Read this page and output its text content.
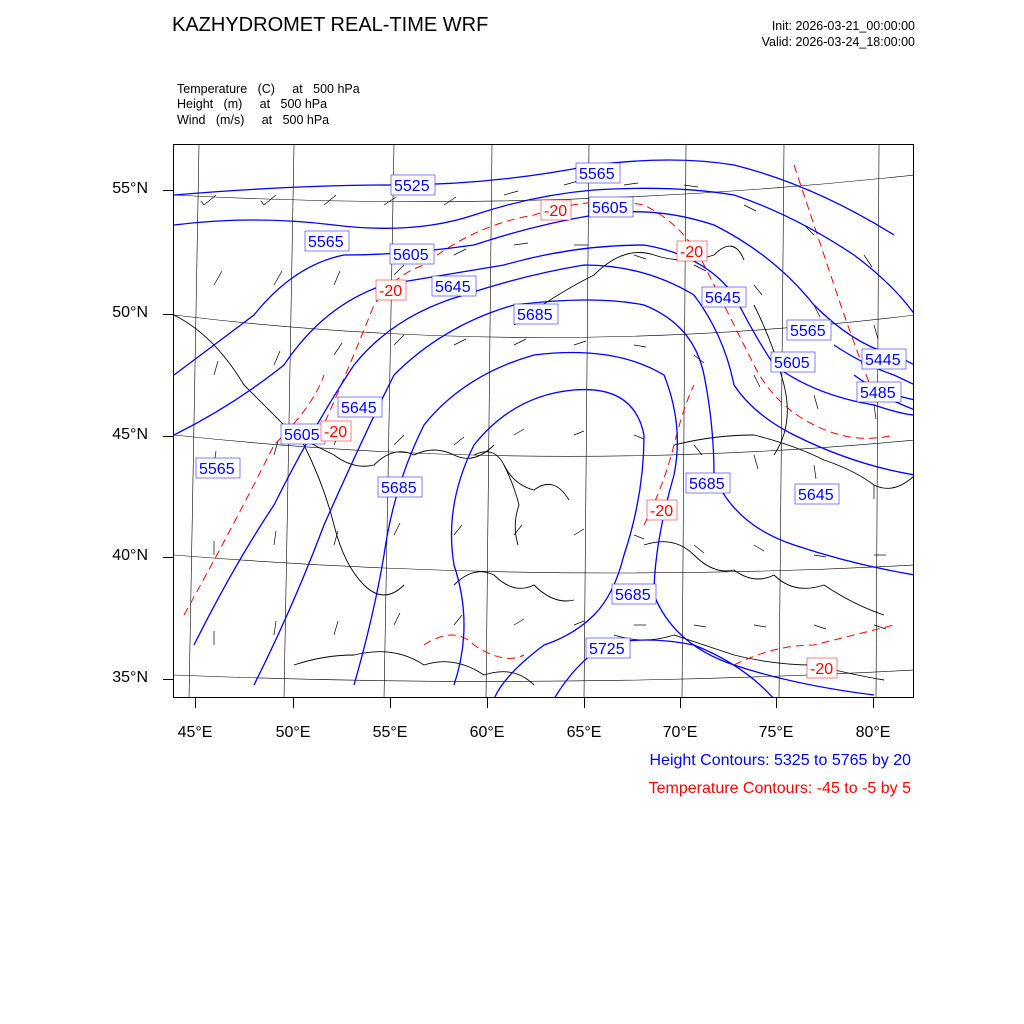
KAZHYDROMET REAL-TIME WRF	Init: 2026-03-21_00:00:00
Valid: 2026-03-24_18:00:00
Temperature   (C)     at   500 hPa
Height   (m)     at   500 hPa
Wind   (m/s)     at   500 hPa
5525
5565
5605
5565
5605
5645
5685
5645
5565
5605	5445
5485
5645
5605
5565
5685	5685
5645
5685
5725
-20
-20
-20
-20
-20
-20
55°N
50°N
45°N
40°N
35°N
45°E	50°E	55°E	60°E	65°E	70°E	75°E	80°E
Height Contours: 5325 to 5765 by 20
Temperature Contours: -45 to -5 by 5
